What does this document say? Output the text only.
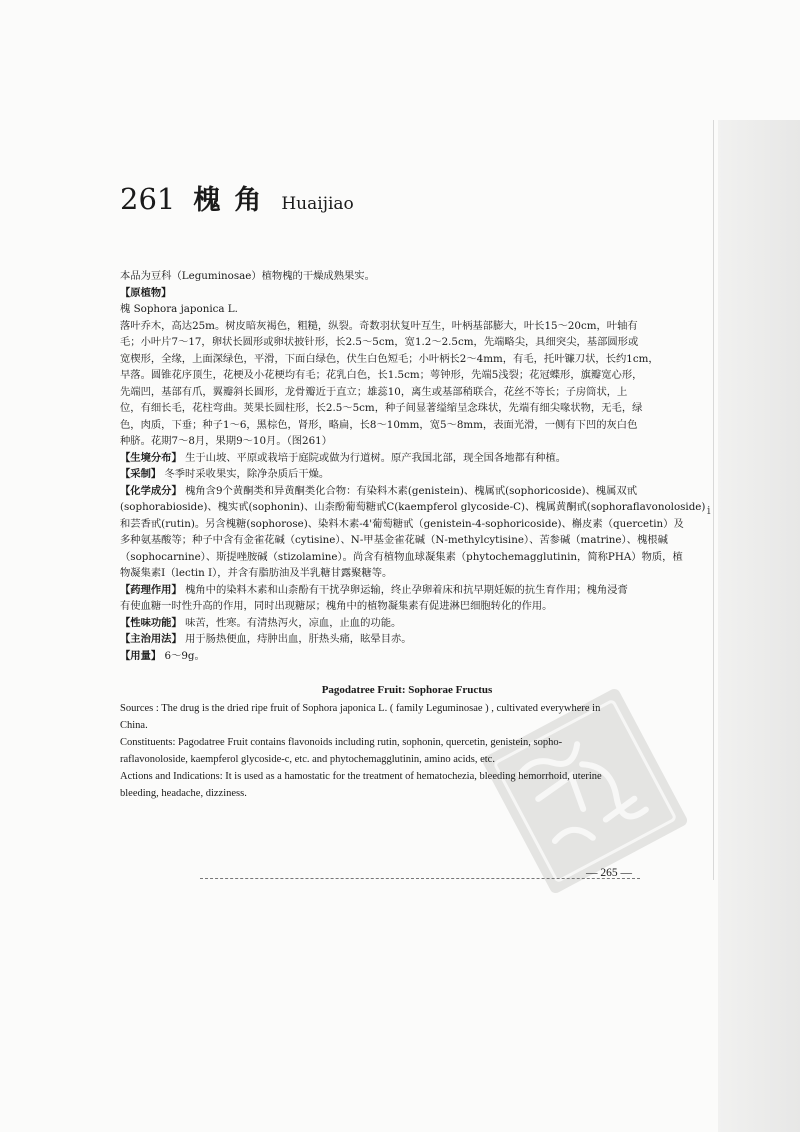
i
261 槐角 Huaijiao
本品为豆科（Leguminosae）植物槐的干燥成熟果实。
【原植物】
槐 Sophora japonica L.
落叶乔木，高达25m。树皮暗灰褐色，粗糙，纵裂。奇数羽状复叶互生，叶柄基部膨大，叶长15～20cm，叶轴有
毛；小叶片7～17，卵状长圆形或卵状披针形，长2.5～5cm，宽1.2～2.5cm，先端略尖，具细突尖，基部圆形或
宽楔形，全缘，上面深绿色，平滑，下面白绿色，伏生白色短毛；小叶柄长2～4mm，有毛，托叶镰刀状，长约1cm，
早落。圆锥花序顶生，花梗及小花梗均有毛；花乳白色，长1.5cm；萼钟形，先端5浅裂；花冠蝶形，旗瓣宽心形，
先端凹，基部有爪，翼瓣斜长圆形，龙骨瓣近于直立；雄蕊10，离生或基部稍联合，花丝不等长；子房筒状，上
位，有细长毛，花柱弯曲。荚果长圆柱形，长2.5～5cm，种子间显著缢缩呈念珠状，先端有细尖喙状物，无毛，绿
色，肉质，下垂；种子1～6，黑棕色，肾形，略扁，长8～10mm，宽5～8mm，表面光滑，一侧有下凹的灰白色
种脐。花期7～8月，果期9～10月。（图261）
【生境分布】 生于山坡、平原或栽培于庭院或做为行道树。原产我国北部，现全国各地都有种植。
【采制】 冬季时采收果实，除净杂质后干燥。
【化学成分】 槐角含9个黄酮类和异黄酮类化合物：有染料木素(genistein)、槐属甙(sophoricoside)、槐属双甙
(sophorabioside)、槐实甙(sophonin)、山柰酚葡萄糖甙C(kaempferol glycoside-C)、槐属黄酮甙(sophoraflavonoloside)
和芸香甙(rutin)。另含槐糖(sophorose)、染料木素-4'葡萄糖甙（genistein-4-sophoricoside)、槲皮素（quercetin）及
多种氨基酸等；种子中含有金雀花碱（cytisine）、N-甲基金雀花碱（N-methylcytisine）、苦参碱（matrine）、槐根碱
（sophocarnine）、斯提唑胺碱（stizolamine）。尚含有植物血球凝集素（phytochemagglutinin，简称PHA）物质，植
物凝集素Ⅰ（lectin Ⅰ），并含有脂肪油及半乳糖甘露聚糖等。
【药理作用】 槐角中的染料木素和山柰酚有干扰孕卵运输，终止孕卵着床和抗早期妊娠的抗生育作用；槐角浸膏
有使血糖一时性升高的作用，同时出现糖尿；槐角中的植物凝集素有促进淋巴细胞转化的作用。
【性味功能】 味苦，性寒。有清热泻火，凉血，止血的功能。
【主治用法】 用于肠热便血，痔肿出血，肝热头痛，眩晕目赤。
【用量】 6～9g。
Pagodatree Fruit: Sophorae Fructus
Sources : The drug is the dried ripe fruit of Sophora japonica L. ( family Leguminosae ) , cultivated everywhere in
China.
Constituents: Pagodatree Fruit contains flavonoids including rutin, sophonin, quercetin, genistein, sopho-
raflavonoloside, kaempferol glycoside-c, etc. and phytochemagglutinin, amino acids, etc.
Actions and Indications: It is used as a hamostatic for the treatment of hematochezia, bleeding hemorrhoid, uterine
bleeding, headache, dizziness.
— 265 —
